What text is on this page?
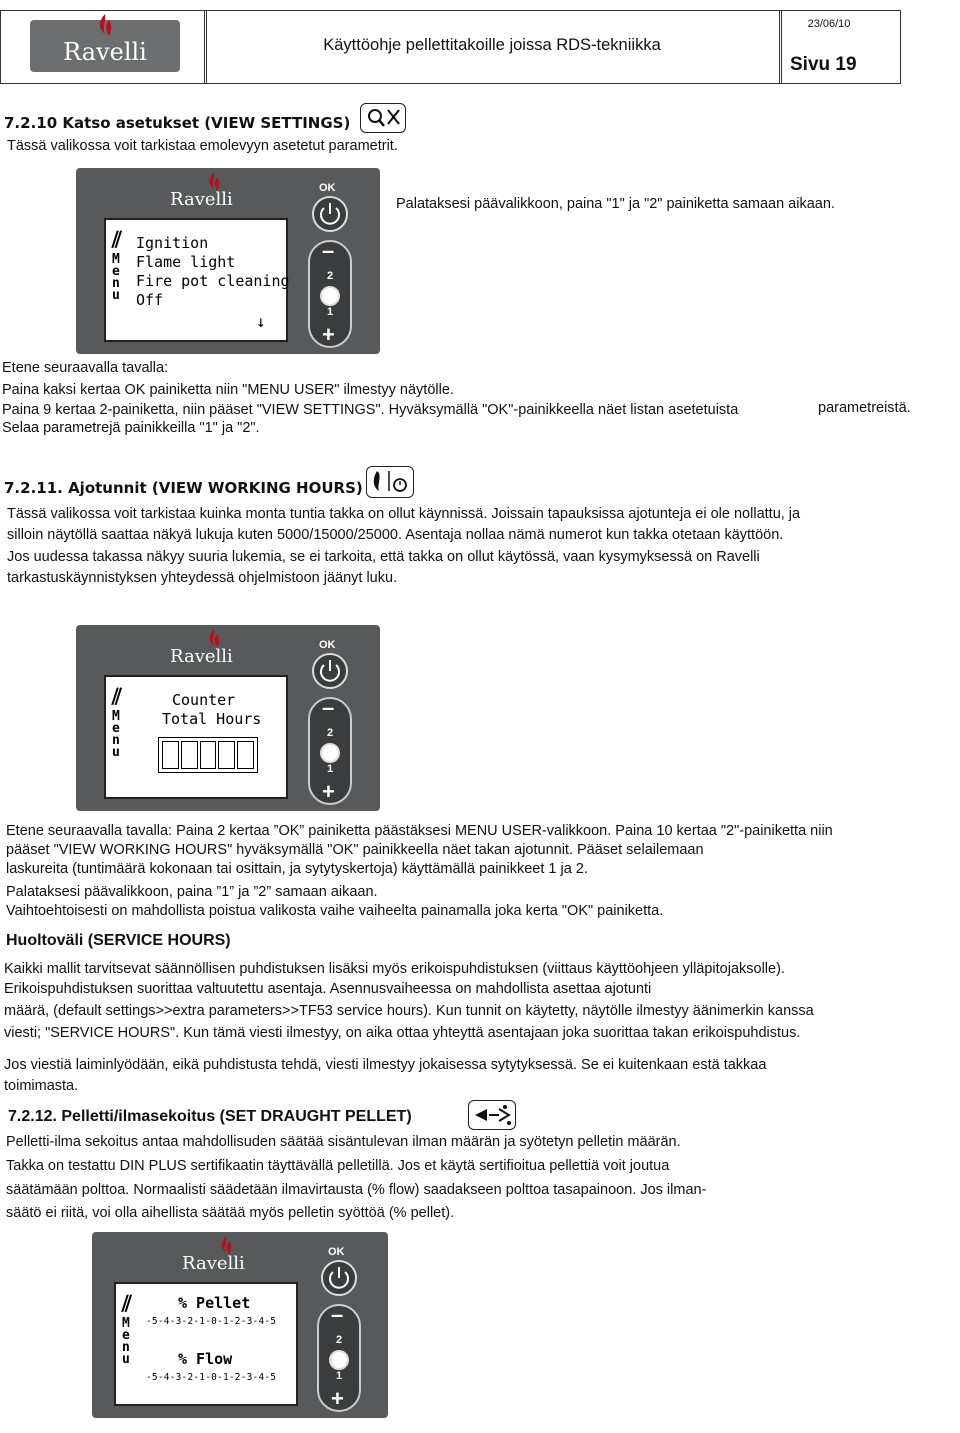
Ravelli	Käyttöohje pellettitakoille joissa RDS-tekniikka
23/06/10
Sivu 19
7.2.10 Katso asetukset (VIEW SETTINGS)
Tässä valikossa voit tarkistaa emolevyyn asetetut parametrit.
Ravelli
⫽
M
e
n
u
Ignition
Flame light
Fire pot cleaning
Off
↓
OK
–
2
1
+
Palataksesi päävalikkoon, paina "1" ja "2" painiketta samaan aikaan.
Etene seuraavalla tavalla:
Paina kaksi kertaa OK painiketta niin "MENU USER" ilmestyy näytölle.
Paina 9 kertaa 2-painiketta, niin pääset "VIEW SETTINGS". Hyväksymällä "OK"-painikkeella näet listan asetetuista	parametreistä.
Selaa parametrejä painikkeilla "1" ja "2".
7.2.11. Ajotunnit (VIEW WORKING HOURS)
Tässä valikossa voit tarkistaa kuinka monta tuntia takka on ollut käynnissä. Joissain tapauksissa ajotunteja ei ole nollattu, ja
silloin näytöllä saattaa näkyä lukuja kuten 5000/15000/25000. Asentaja nollaa nämä numerot kun takka otetaan käyttöön.
Jos uudessa takassa näkyy suuria lukemia, se ei tarkoita, että takka on ollut käytössä, vaan kysymyksessä on Ravelli
tarkastuskäynnistyksen yhteydessä ohjelmistoon jäänyt luku.
Ravelli
⫽
M
e
n
u
Counter
Total Hours
OK
–
2
1
+
Etene seuraavalla tavalla: Paina 2 kertaa ”OK” painiketta päästäksesi MENU USER-valikkoon. Paina 10 kertaa "2"-painiketta niin
pääset "VIEW WORKING HOURS" hyväksymällä "OK" painikkeella näet takan ajotunnit. Pääset selailemaan
laskureita (tuntimäärä kokonaan tai osittain, ja sytytyskertoja) käyttämällä painikkeet 1 ja 2.
Palataksesi päävalikkoon, paina ”1” ja ”2” samaan aikaan.
Vaihtoehtoisesti on mahdollista poistua valikosta vaihe vaiheelta painamalla joka kerta "OK" painiketta.
Huoltoväli (SERVICE HOURS)
Kaikki mallit tarvitsevat säännöllisen puhdistuksen lisäksi myös erikoispuhdistuksen (viittaus käyttöohjeen ylläpitojaksolle).
Erikoispuhdistuksen suorittaa valtuutettu asentaja. Asennusvaiheessa on mahdollista asettaa ajotunti
määrä, (default settings>>extra parameters>>TF53 service hours). Kun tunnit on käytetty, näytölle ilmestyy äänimerkin kanssa
viesti; "SERVICE HOURS". Kun tämä viesti ilmestyy, on aika ottaa yhteyttä asentajaan joka suorittaa takan erikoispuhdistus.
Jos viestiä laiminlyödään, eikä puhdistusta tehdä, viesti ilmestyy jokaisessa sytytyksessä. Se ei kuitenkaan estä takkaa
toimimasta.
7.2.12. Pelletti/ilmasekoitus (SET DRAUGHT PELLET)
Pelletti-ilma sekoitus antaa mahdollisuden säätää sisäntulevan ilman määrän ja syötetyn pelletin määrän.
Takka on testattu DIN PLUS sertifikaatin täyttävällä pelletillä. Jos et käytä sertifioitua pellettiä voit joutua
säätämään polttoa. Normaalisti säädetään ilmavirtausta (% flow) saadakseen polttoa tasapainoon. Jos ilman-
säätö ei riitä, voi olla aihellista säätää myös pelletin syöttöä (% pellet).
Ravelli
⫽
M
e
n
u
% Pellet
-5-4-3-2-1-0-1-2-3-4-5
% Flow
-5-4-3-2-1-0-1-2-3-4-5
OK
–
2
1
+
